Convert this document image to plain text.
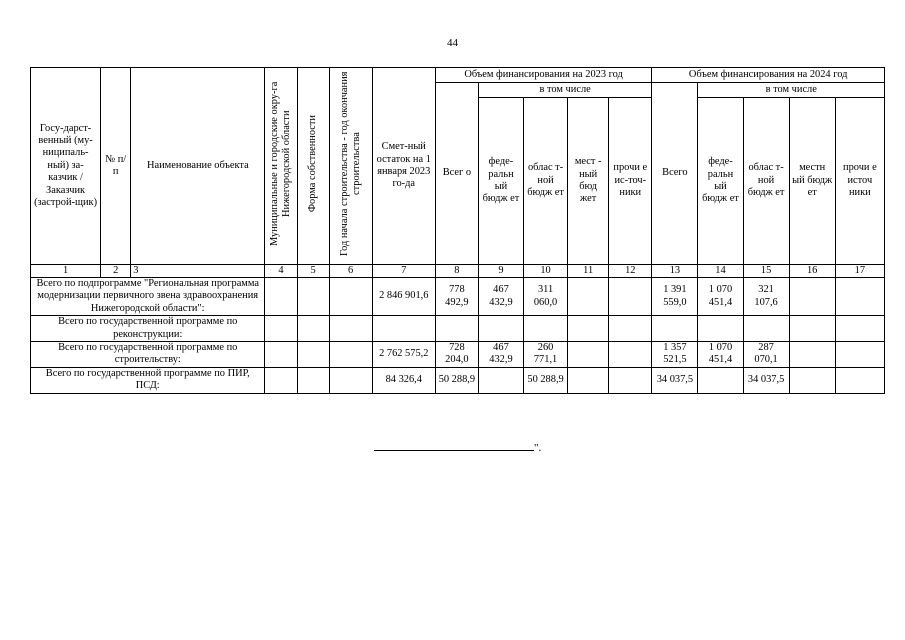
44
Госу-дарст-венный (му-ниципаль-ный) за-казчик / Заказчик (застрой-щик)	№ п/п	Наименование объекта	Муниципальные и городские окру-га Нижегородской области	Форма собственности	Год начала строительства - год окончания строительства	Смет-ный остаток на 1 января 2023 го-да	Объем финансирования на 2023 год					Объем финансирования на 2024 год				
							Всег о	в том числе				Всего	в том числе			
								феде-ральн ый бюдж ет	облас т-ной бюдж ет	мест - ный бюд жет	прочи е ис-точ-ники		феде-ральн ый бюдж ет	облас т-ной бюдж ет	местн ый бюдж ет	прочи е источ ники
1	2	3	4	5	6	7	8	9	10	11	12	13	14	15	16	17
Всего по подпрограмме "Региональная программа модернизации первичного звена здравоохранения Нижегородской области":						2 846 901,6	778 492,9	467 432,9	311 060,0			1 391 559,0	1 070 451,4	321 107,6		
Всего по государственной программе по реконструкции:																
Всего по государственной программе по строительству:						2 762 575,2	728 204,0	467 432,9	260 771,1			1 357 521,5	1 070 451,4	287 070,1		
Всего по государственной программе по ПИР, ПСД:						84 326,4	50 288,9		50 288,9			34 037,5		34 037,5		
".
